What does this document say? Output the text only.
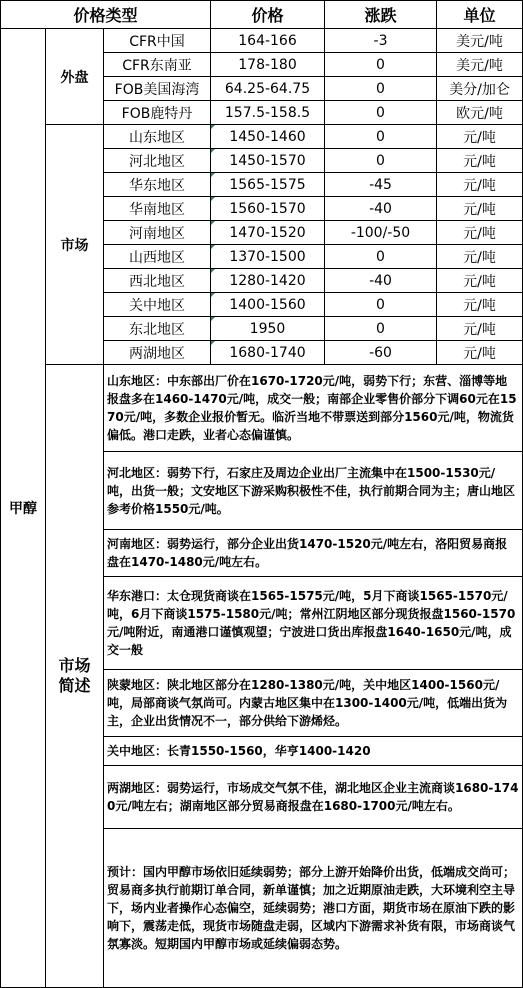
价格类型			价格	涨跌	单位
甲醇	外盘	CFR中国	164-166	-3	美元/吨
		CFR东南亚	178-180	0	美元/吨
		FOB美国海湾	64.25-64.75	0	美分/加仑
		FOB鹿特丹	157.5-158.5	0	欧元/吨
	市场	山东地区	1450-1460	0	元/吨
		河北地区	1450-1570	0	元/吨
		华东地区	1565-1575	-45	元/吨
		华南地区	1560-1570	-40	元/吨
		河南地区	1470-1520	-100/-50	元/吨
		山西地区	1370-1500	0	元/吨
		西北地区	1280-1420	-40	元/吨
		关中地区	1400-1560	0	元/吨
		东北地区	1950	0	元/吨
		两湖地区	1680-1740	-60	元/吨

	市场
简述	山东地区：中东部出厂价在1670-1720元/吨，弱势下行；东营、淄博等地报盘多在1460-1470元/吨，成交一般；南部企业零售价部分下调60元在1570元/吨，多数企业报价暂无。临沂当地不带票送到部分1560元/吨，物流货偏低。港口走跌，业者心态偏谨慎。			
		河北地区：弱势下行，石家庄及周边企业出厂主流集中在1500-1530元/吨，出货一般；文安地区下游采购积极性不佳，执行前期合同为主；唐山地区参考价格1550元/吨。			
		河南地区：弱势运行，部分企业出货1470-1520元/吨左右，洛阳贸易商报盘在1470-1480元/吨左右。			
		华东港口：太仓现货商谈在1565-1575元/吨，5月下商谈1565-1570元/吨，6月下商谈1575-1580元/吨；常州江阴地区部分现货报盘1560-1570元/吨附近，南通港口谨慎观望；宁波进口货出库报盘1640-1650元/吨，成交一般			
		陕蒙地区：陕北地区部分在1280-1380元/吨，关中地区1400-1560元/吨，局部商谈气氛尚可。内蒙古地区集中在1300-1400元/吨，低端出货为主，企业出货情况不一，部分供给下游烯烃。			
		关中地区：长青1550-1560，华亨1400-1420			
		两湖地区：弱势运行，市场成交气氛不佳，湖北地区企业主流商谈1680-1740元/吨左右；湖南地区部分贸易商报盘在1680-1700元/吨左右。			
		预计：国内甲醇市场依旧延续弱势；部分上游开始降价出货，低端成交尚可；贸易商多执行前期订单合同，新单谨慎；加之近期原油走跌，大环境利空主导下，场内业者操作心态偏空，延续弱势；港口方面，期货市场在原油下跌的影响下，震荡走低，现货市场随盘走弱，区域内下游需求补货有限，市场商谈气氛寡淡。短期国内甲醇市场或延续偏弱态势。			
